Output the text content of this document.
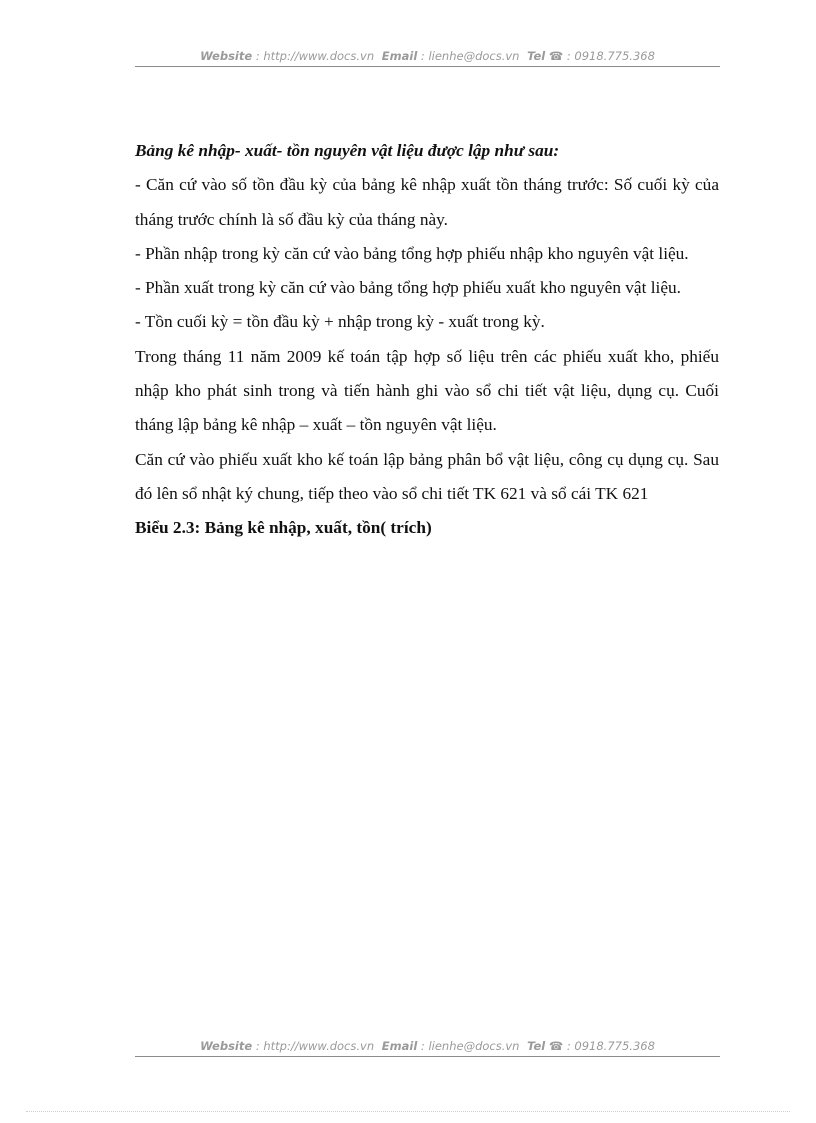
Website : http://www.docs.vn Email : lienhe@docs.vn Tel ☎ : 0918.775.368

Bảng kê nhập- xuất- tồn nguyên vật liệu được lập như sau:

- Căn cứ vào số tồn đầu kỳ của bảng kê nhập xuất tồn tháng trước: Số cuối kỳ của tháng trước chính là số đầu kỳ của tháng này.

- Phần nhập trong kỳ căn cứ vào bảng tổng hợp phiếu nhập kho nguyên vật liệu.

- Phần xuất trong kỳ căn cứ vào bảng tổng hợp phiếu xuất kho nguyên vật liệu.

- Tồn cuối kỳ = tồn đầu kỳ + nhập trong kỳ - xuất trong kỳ.

Trong tháng 11 năm 2009 kế toán tập hợp số liệu trên các phiếu xuất kho, phiếu nhập kho phát sinh trong và tiến hành ghi vào sổ chi tiết vật liệu, dụng cụ. Cuối tháng lập bảng kê nhập – xuất – tồn nguyên vật liệu.

Căn cứ vào phiếu xuất kho kế toán lập bảng phân bổ vật liệu, công cụ dụng cụ. Sau đó lên sổ nhật ký chung, tiếp theo vào sổ chi tiết TK 621 và sổ cái TK 621

Biểu 2.3: Bảng kê nhập, xuất, tồn( trích)

Website : http://www.docs.vn Email : lienhe@docs.vn Tel ☎ : 0918.775.368
